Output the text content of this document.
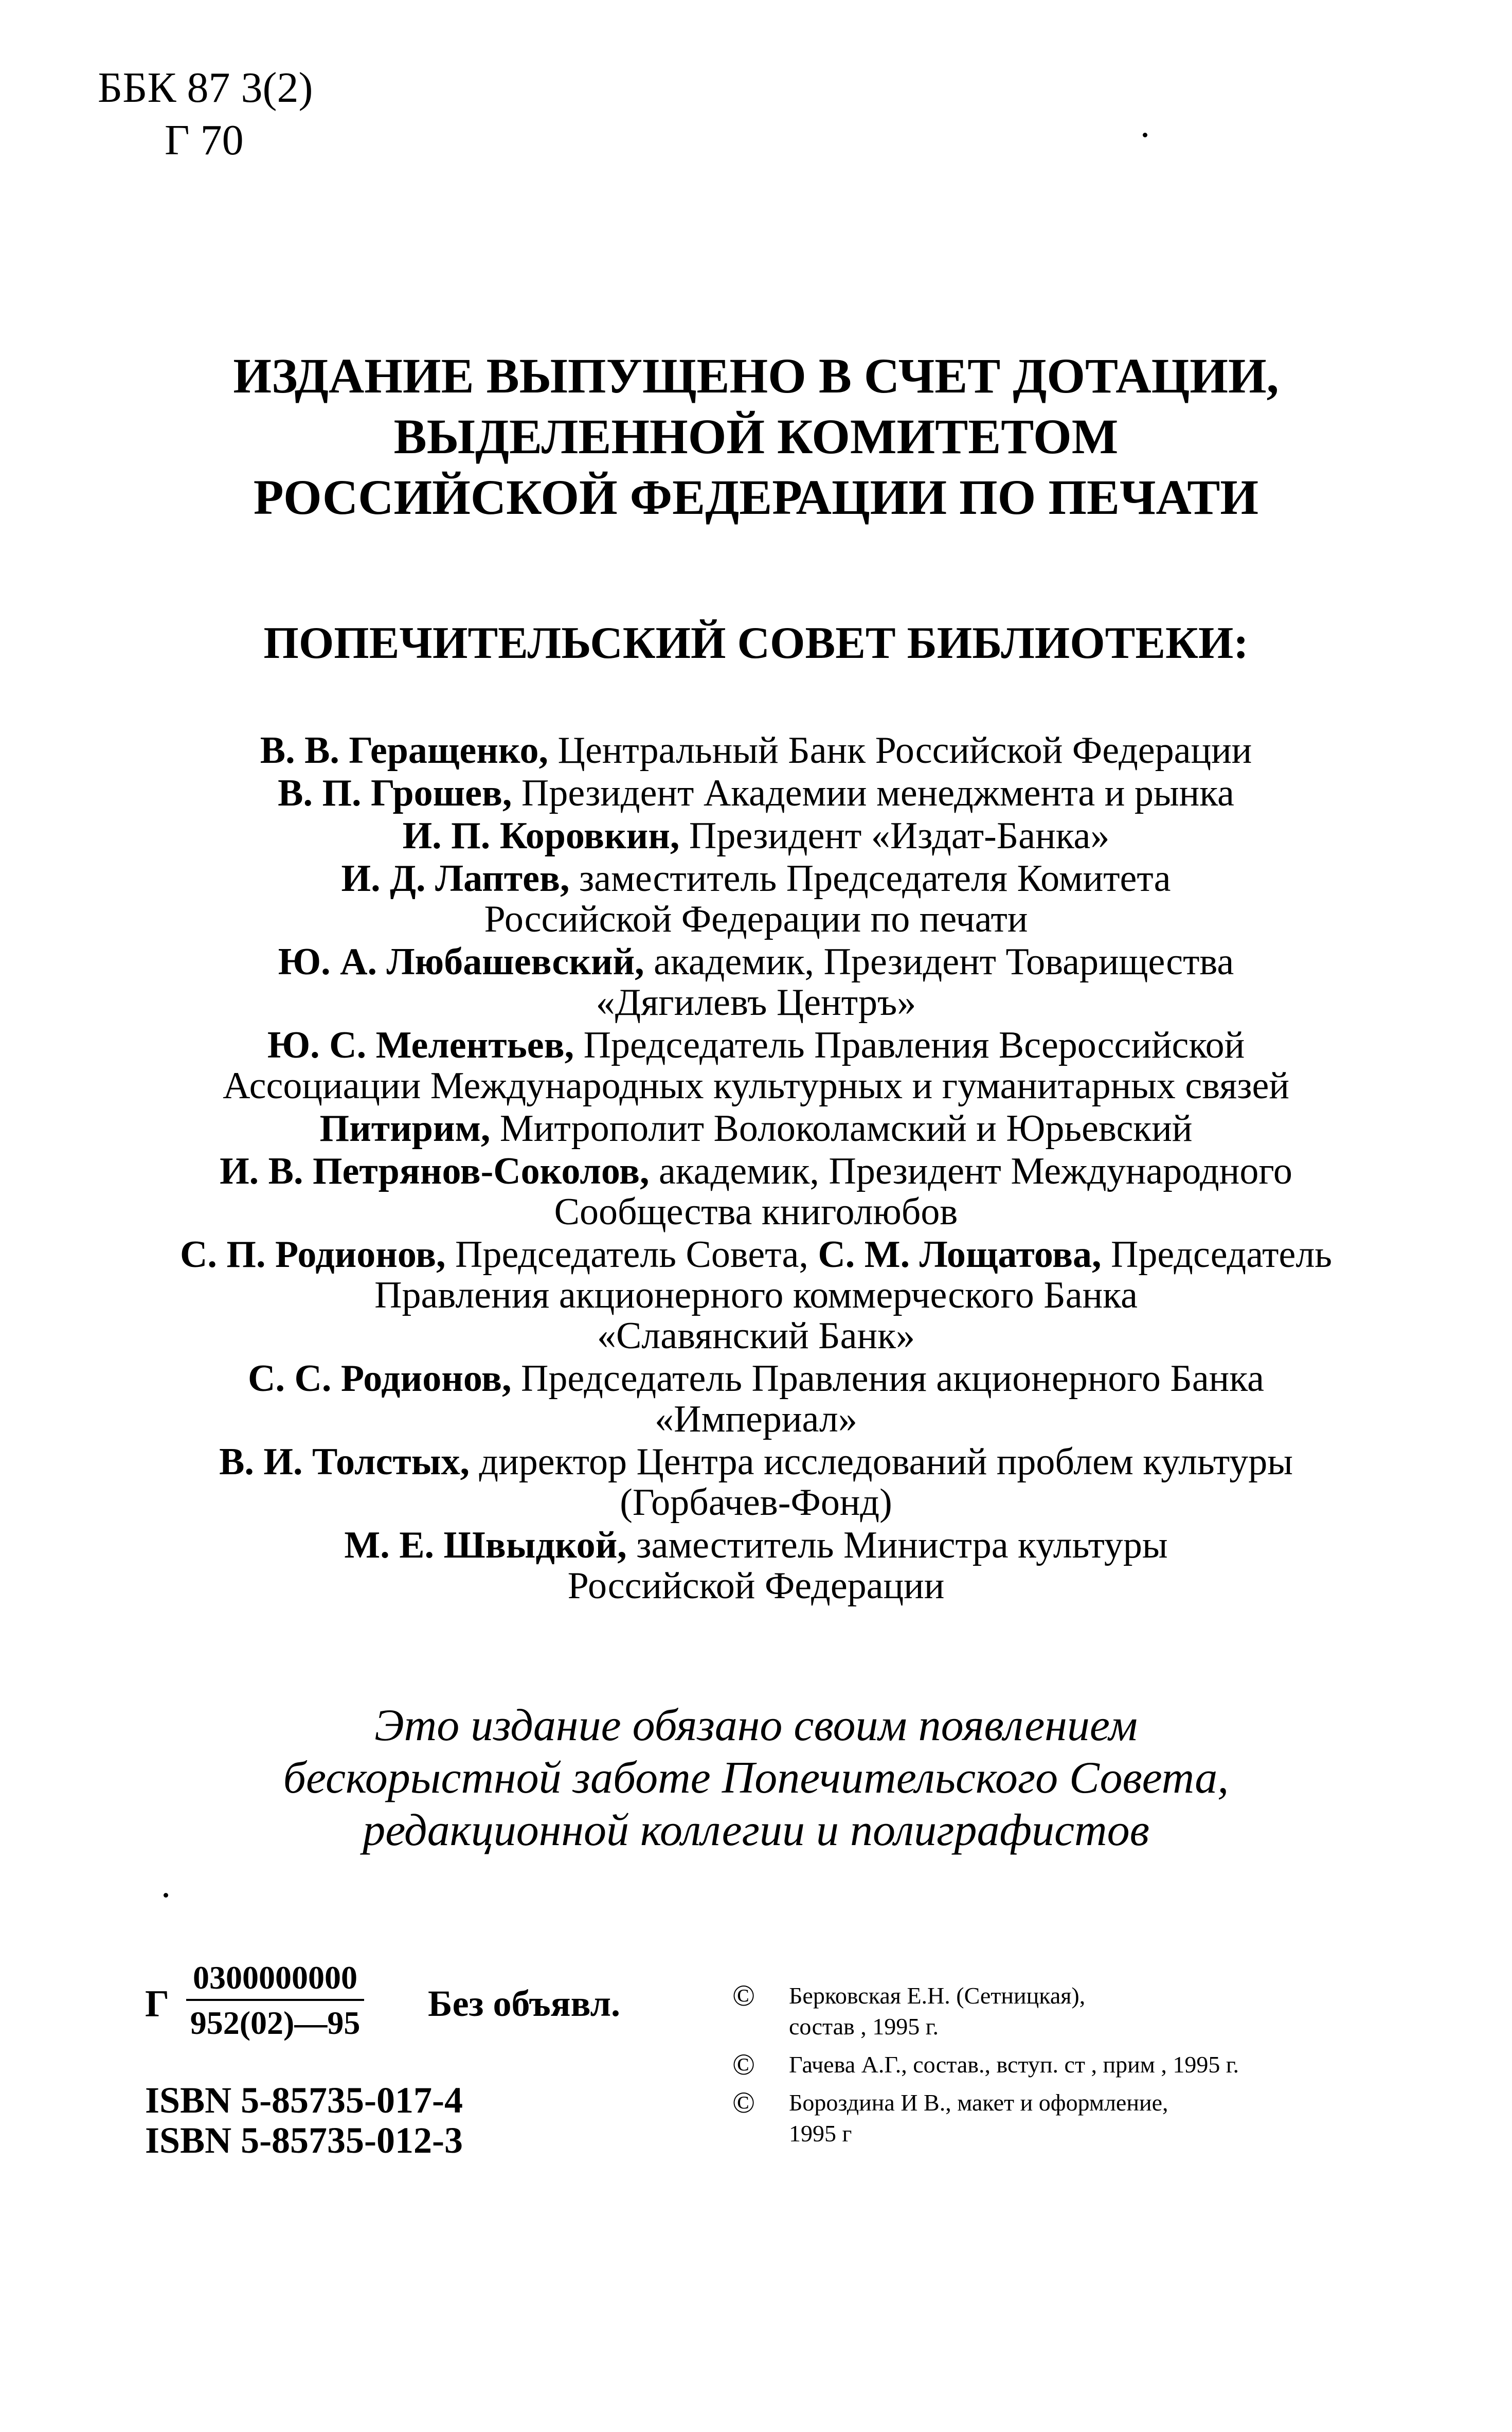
ББК 87 3(2)
Г 70
ИЗДАНИЕ ВЫПУЩЕНО В СЧЕТ ДОТАЦИИ,
ВЫДЕЛЕННОЙ КОМИТЕТОМ
РОССИЙСКОЙ ФЕДЕРАЦИИ ПО ПЕЧАТИ
ПОПЕЧИТЕЛЬСКИЙ СОВЕТ БИБЛИОТЕКИ:
В. В. Геращенко, Центральный Банк Российской Федерации
В. П. Грошев, Президент Академии менеджмента и рынка
И. П. Коровкин, Президент «Издат-Банка»
И. Д. Лаптев, заместитель Председателя Комитета
Российской Федерации по печати
Ю. А. Любашевский, академик, Президент Товарищества
«Дягилевъ Центръ»
Ю. С. Мелентьев, Председатель Правления Всероссийской
Ассоциации Международных культурных и гуманитарных связей
Питирим, Митрополит Волоколамский и Юрьевский
И. В. Петрянов-Соколов, академик, Президент Международного
Сообщества книголюбов
С. П. Родионов, Председатель Совета, С. М. Лощатова, Председатель
Правления акционерного коммерческого Банка
«Славянский Банк»
С. С. Родионов, Председатель Правления акционерного Банка
«Империал»
В. И. Толстых, директор Центра исследований проблем культуры
(Горбачев-Фонд)
М. Е. Швыдкой, заместитель Министра культуры
Российской Федерации
Это издание обязано своим появлением
бескорыстной заботе Попечительского Совета,
редакционной коллегии и полиграфистов
Г $\frac{0300000000}{952(02)—95}$ Без объявл.
ISBN 5-85735-017-4
ISBN 5-85735-012-3
© Берковская Е.Н. (Сетницкая),
состав , 1995 г.
© Гачева А.Г., состав., вступ. ст , прим , 1995 г.
© Бороздина И В., макет и оформление,
1995 г
